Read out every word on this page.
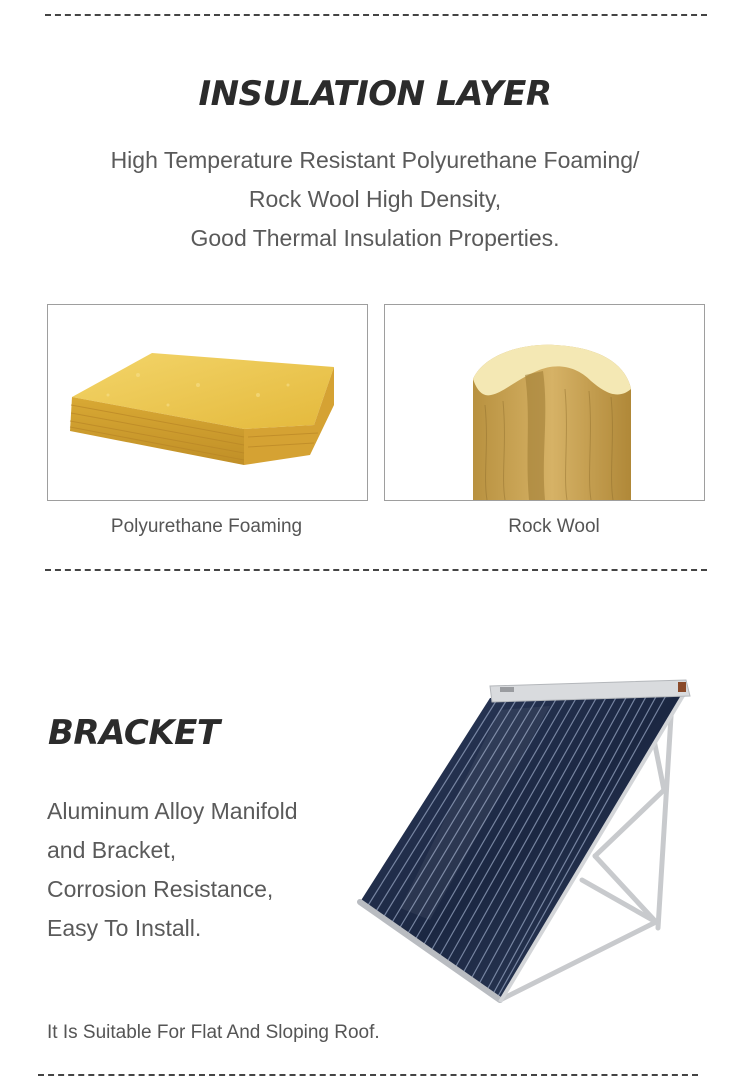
INSULATION LAYER
High Temperature Resistant Polyurethane Foaming/
Rock Wool High Density,
Good Thermal Insulation Properties.
Polyurethane Foaming	Rock Wool
BRACKET
Aluminum Alloy Manifold
and Bracket,
Corrosion Resistance,
Easy To Install.
It Is Suitable For Flat And Sloping Roof.
